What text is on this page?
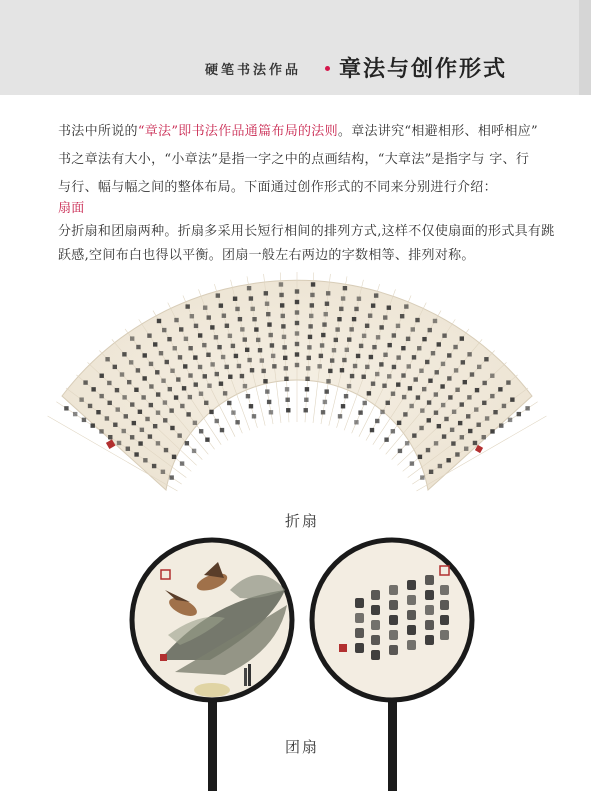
硬笔书法作品 章法与创作形式
书法中所说的“章法”即书法作品通篇布局的法则。章法讲究“相避相形、相呼相应”
书之章法有大小，“小章法”是指一字之中的点画结构，“大章法”是指字与 字、行
与行、幅与幅之间的整体布局。下面通过创作形式的不同来分别进行介绍：
扇面
分折扇和团扇两种。折扇多采用长短行相间的排列方式,这样不仅使扇面的形式具有跳
跃感,空间布白也得以平衡。团扇一般左右两边的字数相等、排列对称。
折扇
团扇
